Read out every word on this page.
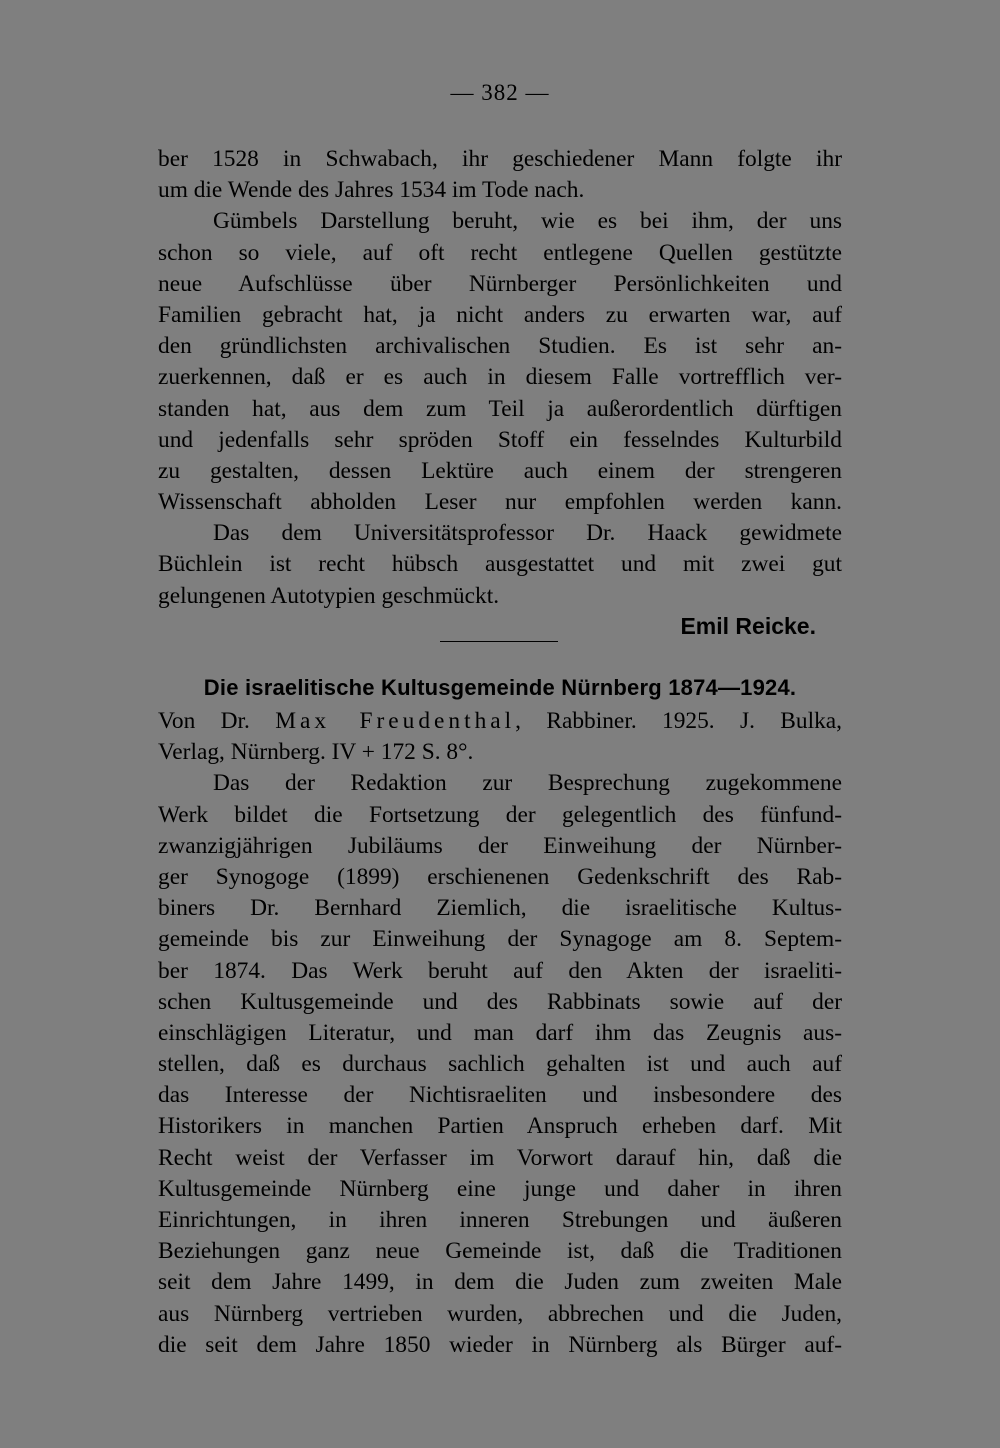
— 382 —
ber 1528 in Schwabach, ihr geschiedener Mann folgte ihr
um die Wende des Jahres 1534 im Tode nach.
Gümbels Darstellung beruht, wie es bei ihm, der uns
schon so viele, auf oft recht entlegene Quellen gestützte
neue Aufschlüsse über Nürnberger Persönlichkeiten und
Familien gebracht hat, ja nicht anders zu erwarten war, auf
den gründlichsten archivalischen Studien. Es ist sehr an-
zuerkennen, daß er es auch in diesem Falle vortrefflich ver-
standen hat, aus dem zum Teil ja außerordentlich dürftigen
und jedenfalls sehr spröden Stoff ein fesselndes Kulturbild
zu gestalten, dessen Lektüre auch einem der strengeren
Wissenschaft abholden Leser nur empfohlen werden kann.
Das dem Universitätsprofessor Dr. Haack gewidmete
Büchlein ist recht hübsch ausgestattet und mit zwei gut
gelungenen Autotypien geschmückt.
Emil Reicke.
Die israelitische Kultusgemeinde Nürnberg 1874—1924.
Von Dr. Max Freudenthal, Rabbiner. 1925. J. Bulka,
Verlag, Nürnberg. IV + 172 S. 8°.
Das der Redaktion zur Besprechung zugekommene
Werk bildet die Fortsetzung der gelegentlich des fünfund-
zwanzigjährigen Jubiläums der Einweihung der Nürnber-
ger Synogoge (1899) erschienenen Gedenkschrift des Rab-
biners Dr. Bernhard Ziemlich, die israelitische Kultus-
gemeinde bis zur Einweihung der Synagoge am 8. Septem-
ber 1874. Das Werk beruht auf den Akten der israeliti-
schen Kultusgemeinde und des Rabbinats sowie auf der
einschlägigen Literatur, und man darf ihm das Zeugnis aus-
stellen, daß es durchaus sachlich gehalten ist und auch auf
das Interesse der Nichtisraeliten und insbesondere des
Historikers in manchen Partien Anspruch erheben darf. Mit
Recht weist der Verfasser im Vorwort darauf hin, daß die
Kultusgemeinde Nürnberg eine junge und daher in ihren
Einrichtungen, in ihren inneren Strebungen und äußeren
Beziehungen ganz neue Gemeinde ist, daß die Traditionen
seit dem Jahre 1499, in dem die Juden zum zweiten Male
aus Nürnberg vertrieben wurden, abbrechen und die Juden,
die seit dem Jahre 1850 wieder in Nürnberg als Bürger auf-
